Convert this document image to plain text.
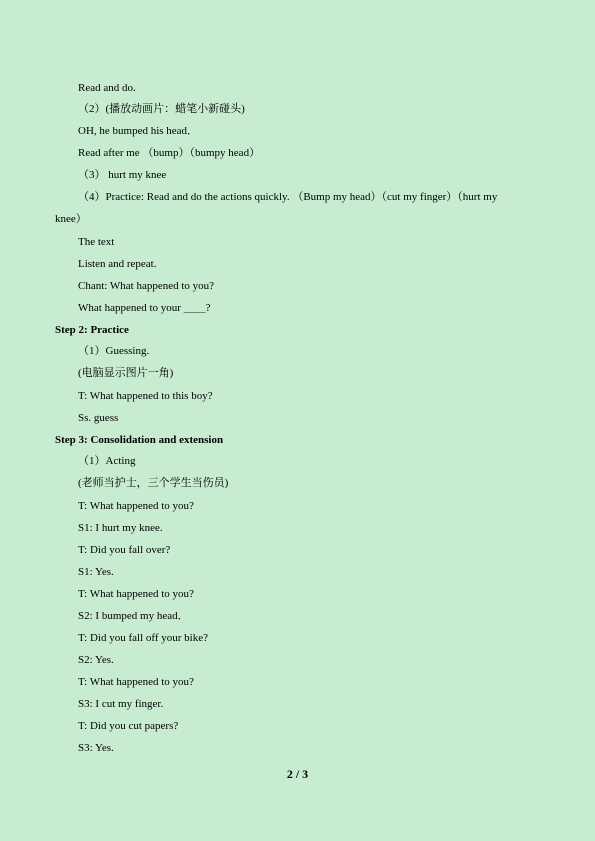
Read and do.
（2）(播放动画片：蜡笔小新碰头)
OH, he bumped his head．
Read after me （bump）（bumpy head）
（3） hurt my knee
（4）Practice: Read and do the actions quickly. （Bump my head）（cut my finger）（hurt my
knee）
The text
Listen and repeat.
Chant: What happened to you?
What happened to your ＿＿?
Step 2: Practice
（1）Guessing.
(电脑显示图片一角)
T: What happened to this boy?
Ss. guess
Step 3: Consolidation and extension
（1）Acting
(老师当护士，三个学生当伤员)
T: What happened to you?
S1: I hurt my knee.
T: Did you fall over?
S1: Yes.
T: What happened to you?
S2: I bumped my head．
T: Did you fall off your bike?
S2: Yes.
T: What happened to you?
S3: I cut my finger.
T: Did you cut papers?
S3: Yes.
2 / 3
